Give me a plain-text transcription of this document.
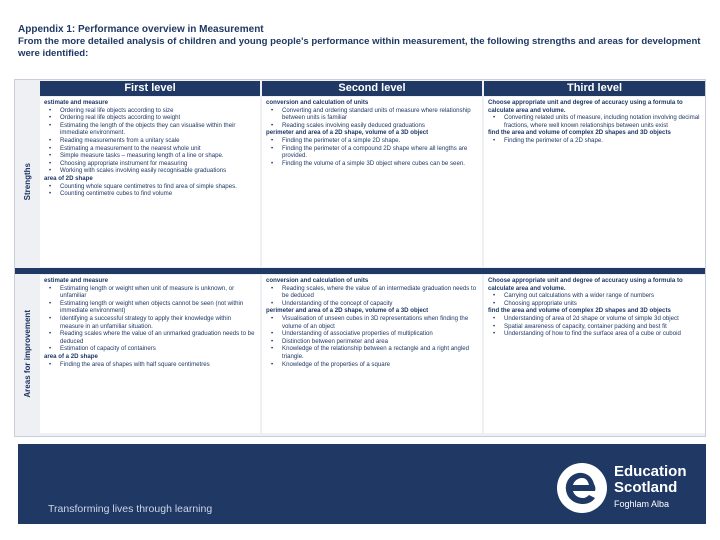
Appendix 1: Performance overview in Measurement
From the more detailed analysis of children and young people's performance within measurement, the following strengths and areas for development were identified:
First level	Second level	Third level
Strengths
Areas for improvement
estimate and measure
• Ordering real life objects according to size
• Ordering real life objects according to weight
• Estimating the length of the objects they can visualise within their immediate environment.
• Reading measurements from a unitary scale
• Estimating a measurement to the nearest whole unit
• Simple measure tasks – measuring length of a line or shape.
• Choosing appropriate instrument for measuring
• Working with scales involving easily recognisable graduations
area of 2D shape
• Counting whole square centimetres to find area of simple shapes.
• Counting centimetre cubes to find volume
conversion and calculation of units
• Converting and ordering standard units of measure where relationship between units is familiar
• Reading scales involving easily deduced graduations
perimeter and area of a 2D shape, volume of a 3D object
• Finding the perimeter of a simple 2D shape.
• Finding the perimeter of a compound 2D shape where all lengths are provided.
• Finding the volume of a simple 3D object where cubes can be seen.
Choose appropriate unit and degree of accuracy using a formula to calculate area and volume.
• Converting related units of measure, including notation involving decimal fractions, where well known relationships between units exist
find the area and volume of complex 2D shapes and 3D objects
• Finding the perimeter of a 2D shape.
estimate and measure
• Estimating length or weight when unit of measure is unknown, or unfamiliar
• Estimating length or weight when objects cannot be seen (not within immediate environment)
• Identifying a successful strategy to apply their knowledge within measure in an unfamiliar situation.
• Reading scales where the value of an unmarked graduation needs to be deduced
• Estimation of capacity of containers
area of a 2D shape
• Finding the area of shapes with half square centimetres
conversion and calculation of units
• Reading scales, where the value of an intermediate graduation needs to be deduced
• Understanding of the concept of capacity
perimeter and area of a 2D shape, volume of a 3D object
• Visualisation of unseen cubes in 3D representations when finding the volume of an object
• Understanding of associative properties of multiplication
• Distinction between perimeter and area
• Knowledge of the relationship between a rectangle and a right angled triangle.
• Knowledge of the properties of a square
Choose appropriate unit and degree of accuracy using a formula to calculate area and volume.
• Carrying out calculations with a wider range of numbers
• Choosing appropriate units
find the area and volume of complex 2D shapes and 3D objects
• Understanding of area of 2d shape or volume of simple 3d object
• Spatial awareness of capacity, container packing and best fit
• Understanding of how to find the surface area of a cube or cuboid
Transforming lives through learning
Education
Scotland
Foghlam Alba
